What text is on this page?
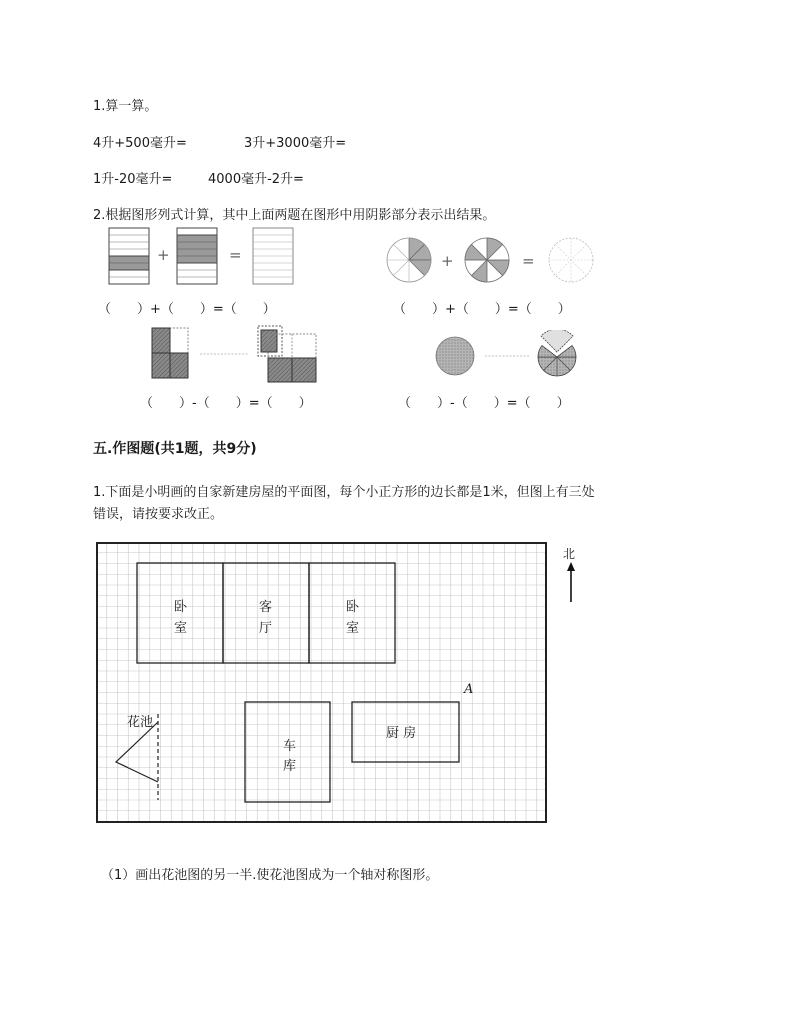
1.算一算。
4升+500毫升=	3升+3000毫升=
1升-20毫升=	4000毫升-2升=
2.根据图形列式计算，其中上面两题在图形中用阴影部分表示出结果。
+	=
（　　）+（　　）=（　　）
+	=
（　　）+（　　）=（　　）
（　　）-（　　）=（　　）	（　　）-（　　）=（　　）
五.作图题(共1题，共9分)
1.下面是小明画的自家新建房屋的平面图，每个小正方形的边长都是1米，但图上有三处
错误，请按要求改正。
卧
室
客
厅
卧
室
花池
车
库
厨 房
A
北
（1）画出花池图的另一半.使花池图成为一个轴对称图形。
